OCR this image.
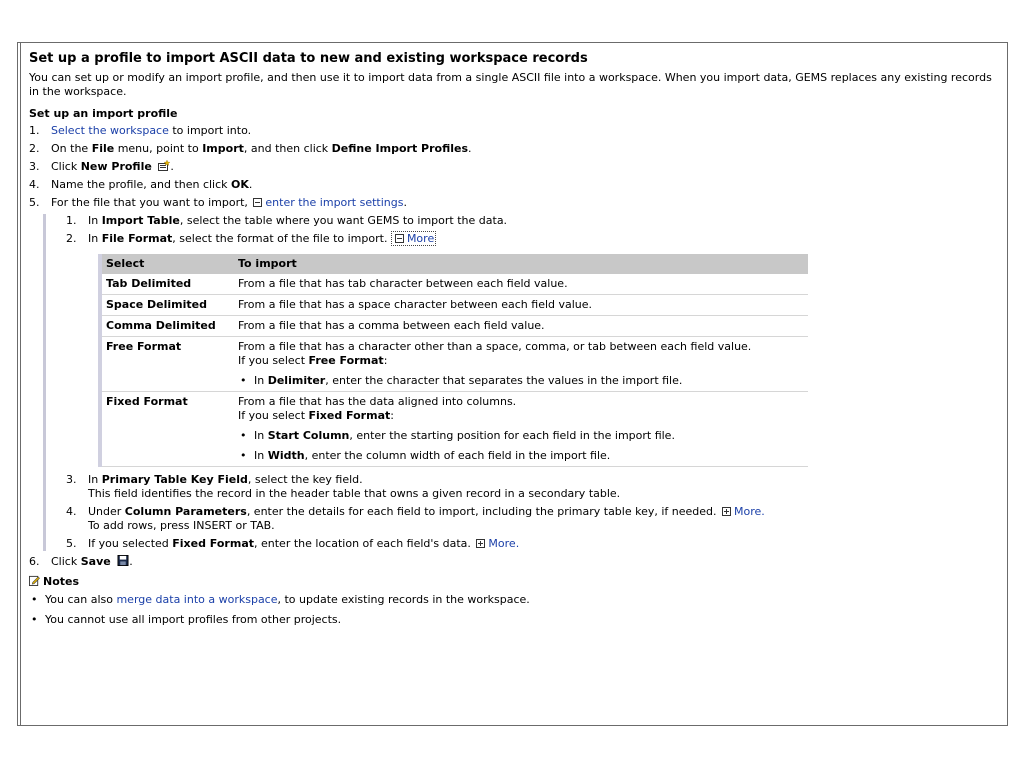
Set up a profile to import ASCII data to new and existing workspace records

You can set up or modify an import profile, and then use it to import data from a single ASCII file into a workspace. When you import data, GEMS replaces any existing records in the workspace.

Set up an import profile
1.	Select the workspace to import into.
2.	On the File menu, point to Import, and then click Define Import Profiles.
3.	Click New Profile .
4.	Name the profile, and then click OK.
5.	For the file that you want to import, enter the import settings.
1.	In Import Table, select the table where you want GEMS to import the data.
2.	In File Format, select the format of the file to import. More
Select	To import
Tab Delimited	From a file that has tab character between each field value.
Space Delimited	From a file that has a space character between each field value.
Comma Delimited	From a file that has a comma between each field value.
Free Format	From a file that has a character other than a space, comma, or tab between each field value.
If you select Free Format:
• In Delimiter, enter the character that separates the values in the import file.

Fixed Format	From a file that has the data aligned into columns.
If you select Fixed Format:
• In Start Column, enter the starting position for each field in the import file.
• In Width, enter the column width of each field in the import file.
3.	In Primary Table Key Field, select the key field.
This field identifies the record in the header table that owns a given record in a secondary table.
4.	Under Column Parameters, enter the details for each field to import, including the primary table key, if needed. More.
To add rows, press INSERT or TAB.
5.	If you selected Fixed Format, enter the location of each field's data. More.
6.	Click Save .
Notes
• You can also merge data into a workspace, to update existing records in the workspace.
• You cannot use all import profiles from other projects.
